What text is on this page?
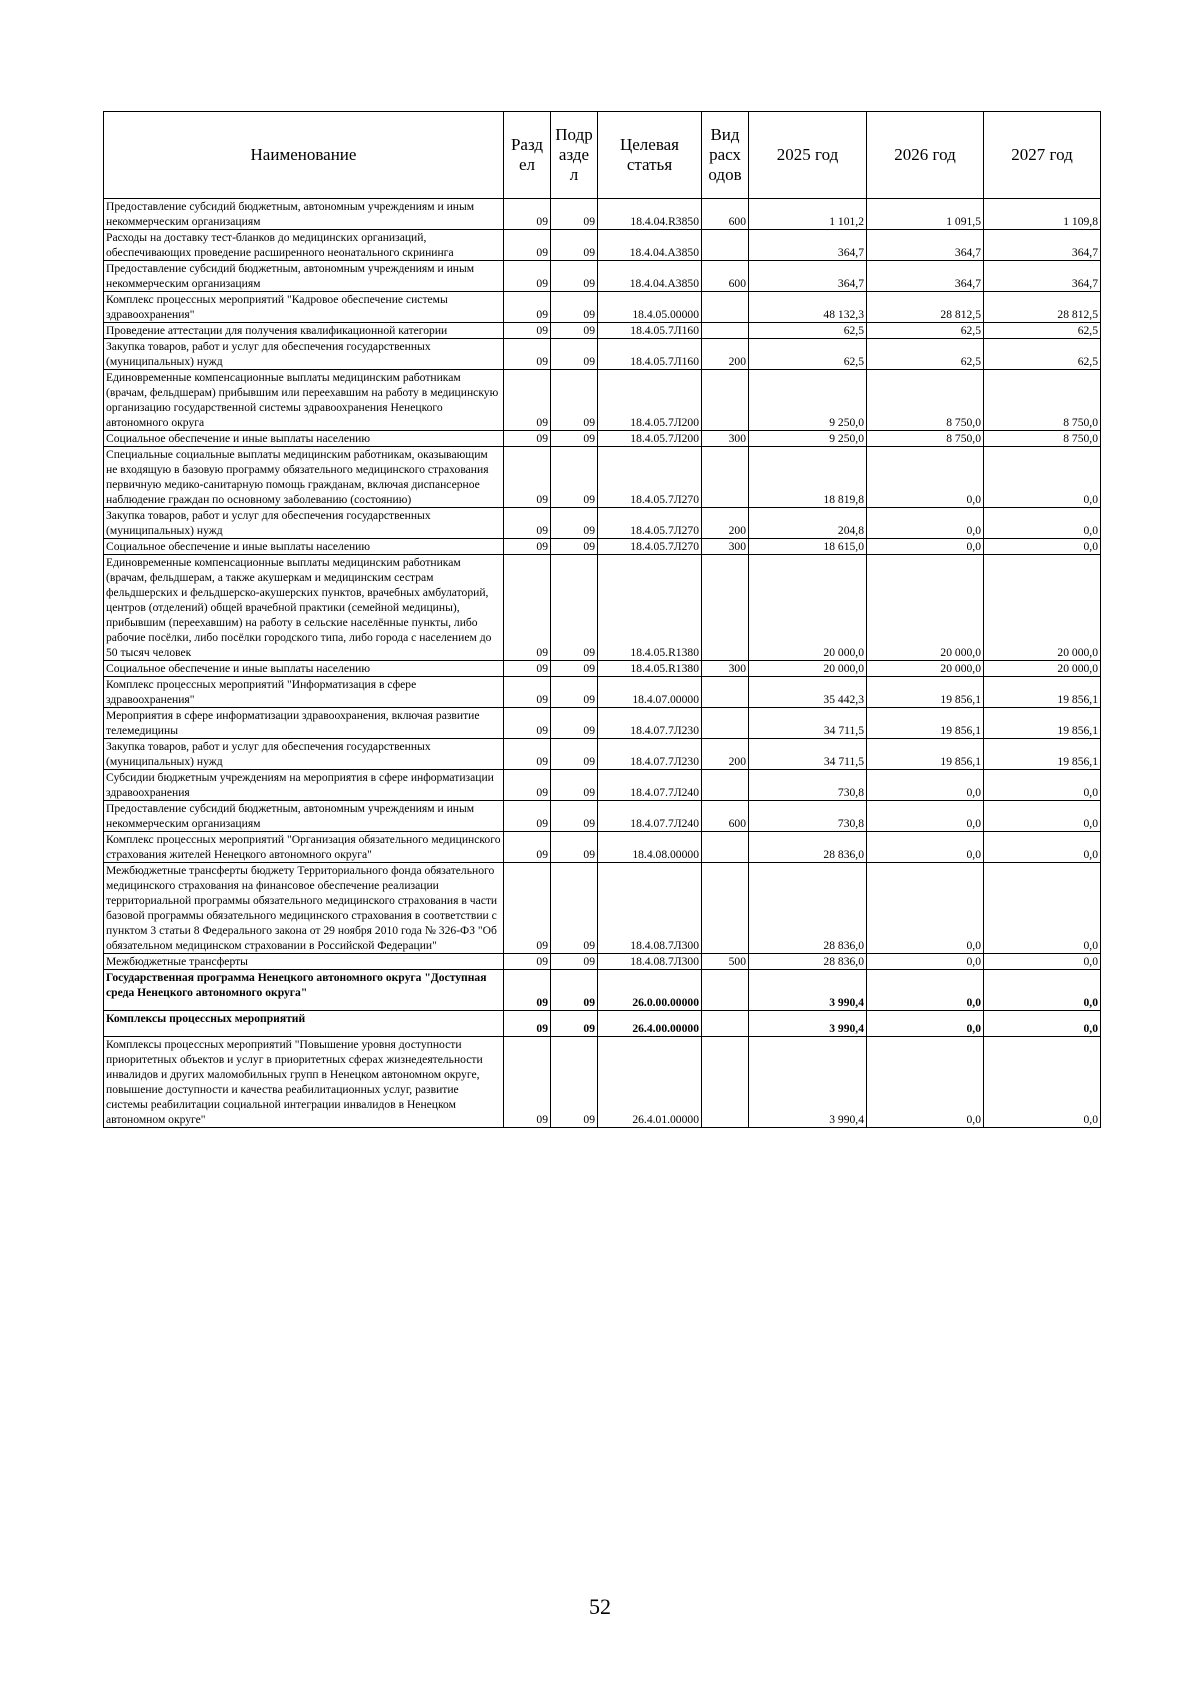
Наименование	Разд ел	Подр азде л	Целевая статья	Вид расх одов	2025 год	2026 год	2027 год
Предоставление субсидий бюджетным, автономным учреждениям и иным некоммерческим организациям	09	09	18.4.04.R3850	600	1 101,2	1 091,5	1 109,8
Расходы на доставку тест-бланков до медицинских организаций, обеспечивающих проведение расширенного неонатального скрининга	09	09	18.4.04.А3850		364,7	364,7	364,7
Предоставление субсидий бюджетным, автономным учреждениям и иным некоммерческим организациям	09	09	18.4.04.А3850	600	364,7	364,7	364,7
Комплекс процессных мероприятий "Кадровое обеспечение системы здравоохранения"	09	09	18.4.05.00000		48 132,3	28 812,5	28 812,5
Проведение аттестации для получения квалификационной категории	09	09	18.4.05.7Л160		62,5	62,5	62,5
Закупка товаров, работ и услуг для обеспечения государственных (муниципальных) нужд	09	09	18.4.05.7Л160	200	62,5	62,5	62,5
Единовременные компенсационные выплаты медицинским работникам (врачам, фельдшерам) прибывшим или переехавшим на работу в медицинскую организацию государственной системы здравоохранения Ненецкого автономного округа	09	09	18.4.05.7Л200		9 250,0	8 750,0	8 750,0
Социальное обеспечение и иные выплаты населению	09	09	18.4.05.7Л200	300	9 250,0	8 750,0	8 750,0
Специальные социальные выплаты медицинским работникам, оказывающим не входящую в базовую программу обязательного медицинского страхования первичную медико-санитарную помощь гражданам, включая диспансерное наблюдение граждан по основному заболеванию (состоянию)	09	09	18.4.05.7Л270		18 819,8	0,0	0,0
Закупка товаров, работ и услуг для обеспечения государственных (муниципальных) нужд	09	09	18.4.05.7Л270	200	204,8	0,0	0,0
Социальное обеспечение и иные выплаты населению	09	09	18.4.05.7Л270	300	18 615,0	0,0	0,0
Единовременные компенсационные выплаты медицинским работникам (врачам, фельдшерам, а также акушеркам и медицинским сестрам фельдшерских и фельдшерско-акушерских пунктов, врачебных амбулаторий, центров (отделений) общей врачебной практики (семейной медицины), прибывшим (переехавшим) на работу в сельские населённые пункты, либо рабочие посёлки, либо посёлки городского типа, либо города с населением до 50 тысяч человек	09	09	18.4.05.R1380		20 000,0	20 000,0	20 000,0
Социальное обеспечение и иные выплаты населению	09	09	18.4.05.R1380	300	20 000,0	20 000,0	20 000,0
Комплекс процессных мероприятий "Информатизация в сфере здравоохранения"	09	09	18.4.07.00000		35 442,3	19 856,1	19 856,1
Мероприятия в сфере информатизации здравоохранения, включая развитие телемедицины	09	09	18.4.07.7Л230		34 711,5	19 856,1	19 856,1
Закупка товаров, работ и услуг для обеспечения государственных (муниципальных) нужд	09	09	18.4.07.7Л230	200	34 711,5	19 856,1	19 856,1
Субсидии бюджетным учреждениям на мероприятия в сфере информатизации здравоохранения	09	09	18.4.07.7Л240		730,8	0,0	0,0
Предоставление субсидий бюджетным, автономным учреждениям и иным некоммерческим организациям	09	09	18.4.07.7Л240	600	730,8	0,0	0,0
Комплекс процессных мероприятий "Организация обязательного медицинского страхования жителей Ненецкого автономного округа"	09	09	18.4.08.00000		28 836,0	0,0	0,0
Межбюджетные трансферты бюджету Территориального фонда обязательного медицинского страхования на финансовое обеспечение реализации территориальной программы обязательного медицинского страхования в части базовой программы обязательного медицинского страхования в соответствии с пунктом 3 статьи 8 Федерального закона от 29 ноября 2010 года № 326-ФЗ "Об обязательном медицинском страховании в Российской Федерации"	09	09	18.4.08.7Л300		28 836,0	0,0	0,0
Межбюджетные трансферты	09	09	18.4.08.7Л300	500	28 836,0	0,0	0,0

Государственная программа Ненецкого автономного округа "Доступная среда Ненецкого автономного округа"	09	09	26.0.00.00000		3 990,4	0,0	0,0

Комплексы процессных мероприятий	09	09	26.4.00.00000		3 990,4	0,0	0,0
Комплексы процессных мероприятий "Повышение уровня доступности приоритетных объектов и услуг в приоритетных сферах жизнедеятельности инвалидов и других маломобильных групп в Ненецком автономном округе, повышение доступности и качества реабилитационных услуг, развитие системы реабилитации социальной интеграции инвалидов в Ненецком автономном округе"	09	09	26.4.01.00000		3 990,4	0,0	0,0
52
